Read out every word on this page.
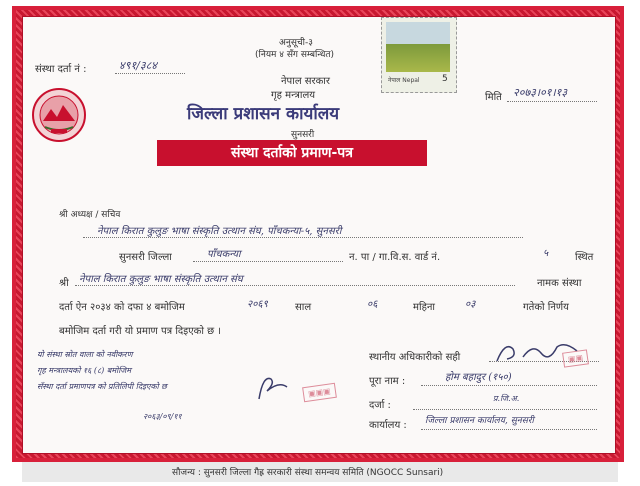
संस्था दर्ता नं :	४९१/३८४
अनुसूची-३
(नियम ४ सँग सम्बन्धित)
नेपाल सरकार
गृह मन्त्रालय
जिल्ला प्रशासन कार्यालय
सुनसरी
नेपाल Nepal 5
मिति २०७३।०१।१३
संस्था दर्ताको प्रमाण-पत्र
श्री अध्यक्ष / सचिव
नेपाल किरात कुलुङ भाषा संस्कृति उत्थान संघ, पाँचकन्या-५, सुनसरी
सुनसरी जिल्ला	पाँचकन्या	न. पा / गा.वि.स. वार्ड नं.	५	स्थित
श्री नेपाल किरात कुलुङ भाषा संस्कृति उत्थान संघ	नामक संस्था
दर्ता ऐन २०३४ को दफा ४ बमोजिम	२०६९	साल	०६	महिना	०३	गतेको निर्णय
बमोजिम दर्ता गरी यो प्रमाण पत्र दिइएको छ ।
यो संस्था स्रोत वाला को नवीकरण
गृह मन्त्रालयको १६ (८) बमोजिम
सँस्था दर्ता प्रमाणपत्र को प्रतिलिपी दिइएको छ
२०६३/०९/११
▣▣▣
स्थानीय अधिकारीको सही	▣▣
पूरा नाम :	होम बहादुर (१५०)
दर्जा :
प्र.जि.अ.
कार्यालय : जिल्ला प्रशासन कार्यालय, सुनसरी
सौजन्य : सुनसरी जिल्ला गैह्र सरकारी संस्था समन्वय समिति (NGOCC Sunsari)
